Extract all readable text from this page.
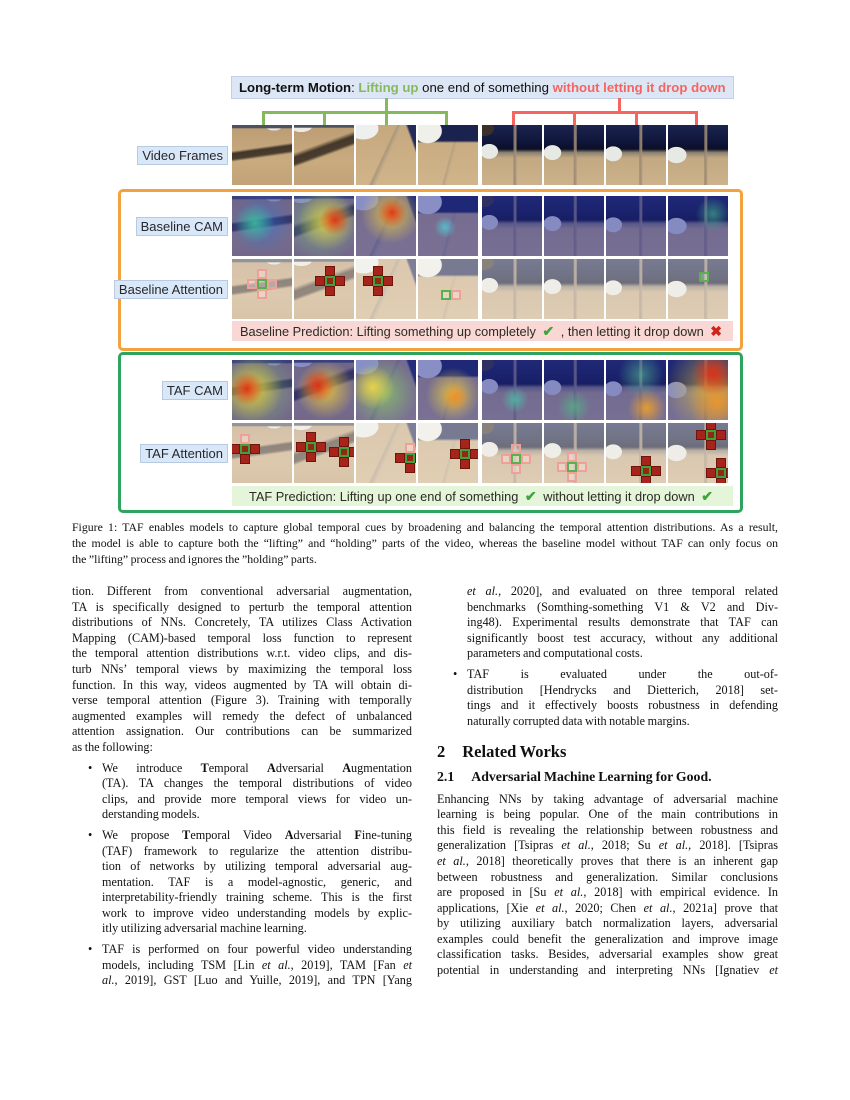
Long-term Motion : Lifting up one end of something without letting it drop down
Video Frames
Baseline CAM
Baseline Attention
TAF CAM
TAF Attention
Baseline Prediction: Lifting something up completely ✔ , then letting it drop down ✖
TAF Prediction: Lifting up one end of something ✔ without letting it drop down ✔
Figure 1: TAF enables models to capture global temporal cues by broadening and balancing the temporal attention distributions. As a result,
the model is able to capture both the “lifting” and “holding” parts of the video, whereas the baseline model without TAF can only focus on
the ”lifting” process and ignores the ”holding” parts.
tion. Different from conventional adversarial augmentation,
TA is specifically designed to perturb the temporal attention
distributions of NNs. Concretely, TA utilizes Class Activation
Mapping (CAM)-based temporal loss function to represent
the temporal attention distributions w.r.t. video clips, and dis-
turb NNs’ temporal views by maximizing the temporal loss
function. In this way, videos augmented by TA will obtain di-
verse temporal attention (Figure 3). Training with temporally
augmented examples will remedy the defect of unbalanced
attention assignation. Our contributions can be summarized
as the following:
• We introduce Temporal Adversarial Augmentation
(TA). TA changes the temporal distributions of video
clips, and provide more temporal views for video un-
derstanding models.
• We propose Temporal Video Adversarial Fine-tuning
(TAF) framework to regularize the attention distribu-
tion of networks by utilizing temporal adversarial aug-
mentation. TAF is a model-agnostic, generic, and
interpretability-friendly training scheme. This is the first
work to improve video understanding models by explic-
itly utilizing adversarial machine learning.
• TAF is performed on four powerful video understanding
models, including TSM [Lin et al., 2019], TAM [Fan et
al., 2019], GST [Luo and Yuille, 2019], and TPN [Yang
et al., 2020], and evaluated on three temporal related
benchmarks (Somthing-something V1 & V2 and Div-
ing48). Experimental results demonstrate that TAF can
significantly boost test accuracy, without any additional
parameters and computational costs.
• TAF is evaluated under the out-of-
distribution [Hendrycks and Dietterich, 2018] set-
tings and it effectively boosts robustness in defending
naturally corrupted data with notable margins.
2 Related Works
2.1 Adversarial Machine Learning for Good.
Enhancing NNs by taking advantage of adversarial machine
learning is being popular. One of the main contributions in
this field is revealing the relationship between robustness and
generalization [Tsipras et al., 2018; Su et al., 2018]. [Tsipras
et al., 2018] theoretically proves that there is an inherent gap
between robustness and generalization. Similar conclusions
are proposed in [Su et al., 2018] with empirical evidence. In
applications, [Xie et al., 2020; Chen et al., 2021a] prove that
by utilizing auxiliary batch normalization layers, adversarial
examples could benefit the generalization and improve image
classification tasks. Besides, adversarial examples show great
potential in understanding and interpreting NNs [Ignatiev et
